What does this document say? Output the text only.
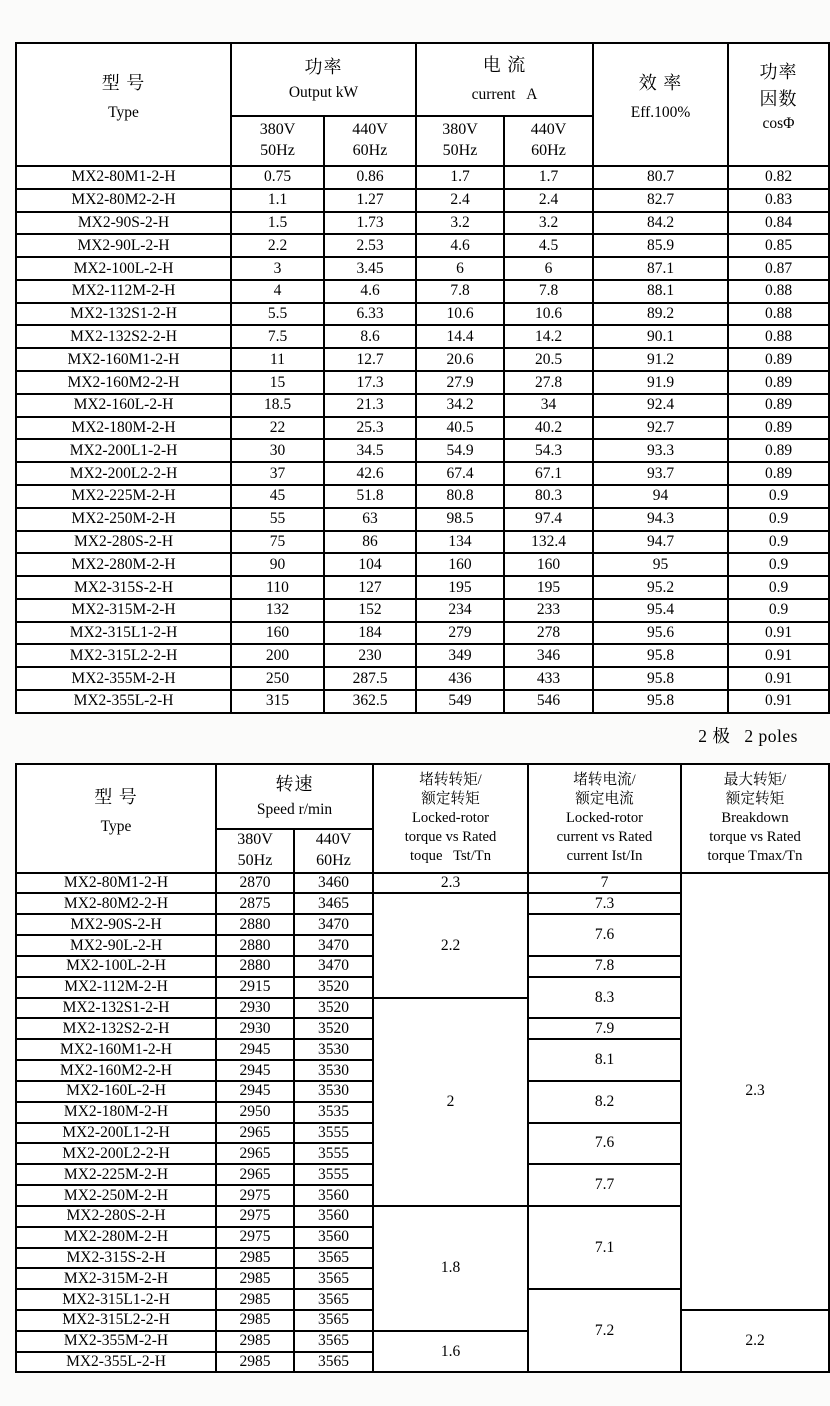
型 号
Type

功率
Output kW

电 流
current   A

效 率
Eff.100%

功率
因数
cosΦ

	380V
50Hz	440V
60Hz	380V
50Hz	440V
60Hz		

MX2-80M1-2-H	0.75	0.86	1.7	1.7	80.7	0.82
MX2-80M2-2-H	1.1	1.27	2.4	2.4	82.7	0.83
MX2-90S-2-H	1.5	1.73	3.2	3.2	84.2	0.84
MX2-90L-2-H	2.2	2.53	4.6	4.5	85.9	0.85
MX2-100L-2-H	3	3.45	6	6	87.1	0.87
MX2-112M-2-H	4	4.6	7.8	7.8	88.1	0.88
MX2-132S1-2-H	5.5	6.33	10.6	10.6	89.2	0.88
MX2-132S2-2-H	7.5	8.6	14.4	14.2	90.1	0.88
MX2-160M1-2-H	11	12.7	20.6	20.5	91.2	0.89
MX2-160M2-2-H	15	17.3	27.9	27.8	91.9	0.89
MX2-160L-2-H	18.5	21.3	34.2	34	92.4	0.89
MX2-180M-2-H	22	25.3	40.5	40.2	92.7	0.89
MX2-200L1-2-H	30	34.5	54.9	54.3	93.3	0.89
MX2-200L2-2-H	37	42.6	67.4	67.1	93.7	0.89
MX2-225M-2-H	45	51.8	80.8	80.3	94	0.9
MX2-250M-2-H	55	63	98.5	97.4	94.3	0.9
MX2-280S-2-H	75	86	134	132.4	94.7	0.9
MX2-280M-2-H	90	104	160	160	95	0.9
MX2-315S-2-H	110	127	195	195	95.2	0.9
MX2-315M-2-H	132	152	234	233	95.4	0.9
MX2-315L1-2-H	160	184	279	278	95.6	0.91
MX2-315L2-2-H	200	230	349	346	95.8	0.91
MX2-355M-2-H	250	287.5	436	433	95.8	0.91
MX2-355L-2-H	315	362.5	549	546	95.8	0.91
2 极 2 poles
型 号
Type

转速
Speed r/min

堵转转矩/
额定转矩
Locked-rotor
torque vs Rated
toque   Tst/Tn

堵转电流/
额定电流
Locked-rotor
current vs Rated
current Ist/In

最大转矩/
额定转矩
Breakdown
torque vs Rated
torque Tmax/Tn

	380V
50Hz	440V
60Hz			

MX2-80M1-2-H	2870	3460	2.3	7	2.3
MX2-80M2-2-H	2875	3465	2.2	7.3	
MX2-90S-2-H	2880	3470		7.6	
MX2-90L-2-H	2880	3470			
MX2-100L-2-H	2880	3470		7.8	
MX2-112M-2-H	2915	3520		8.3	
MX2-132S1-2-H	2930	3520	2		
MX2-132S2-2-H	2930	3520		7.9	
MX2-160M1-2-H	2945	3530		8.1	
MX2-160M2-2-H	2945	3530			
MX2-160L-2-H	2945	3530		8.2	
MX2-180M-2-H	2950	3535			
MX2-200L1-2-H	2965	3555		7.6	
MX2-200L2-2-H	2965	3555			
MX2-225M-2-H	2965	3555		7.7	
MX2-250M-2-H	2975	3560			
MX2-280S-2-H	2975	3560	1.8	7.1	
MX2-280M-2-H	2975	3560			
MX2-315S-2-H	2985	3565			
MX2-315M-2-H	2985	3565			
MX2-315L1-2-H	2985	3565		7.2	
MX2-315L2-2-H	2985	3565			2.2
MX2-355M-2-H	2985	3565	1.6		
MX2-355L-2-H	2985	3565			
